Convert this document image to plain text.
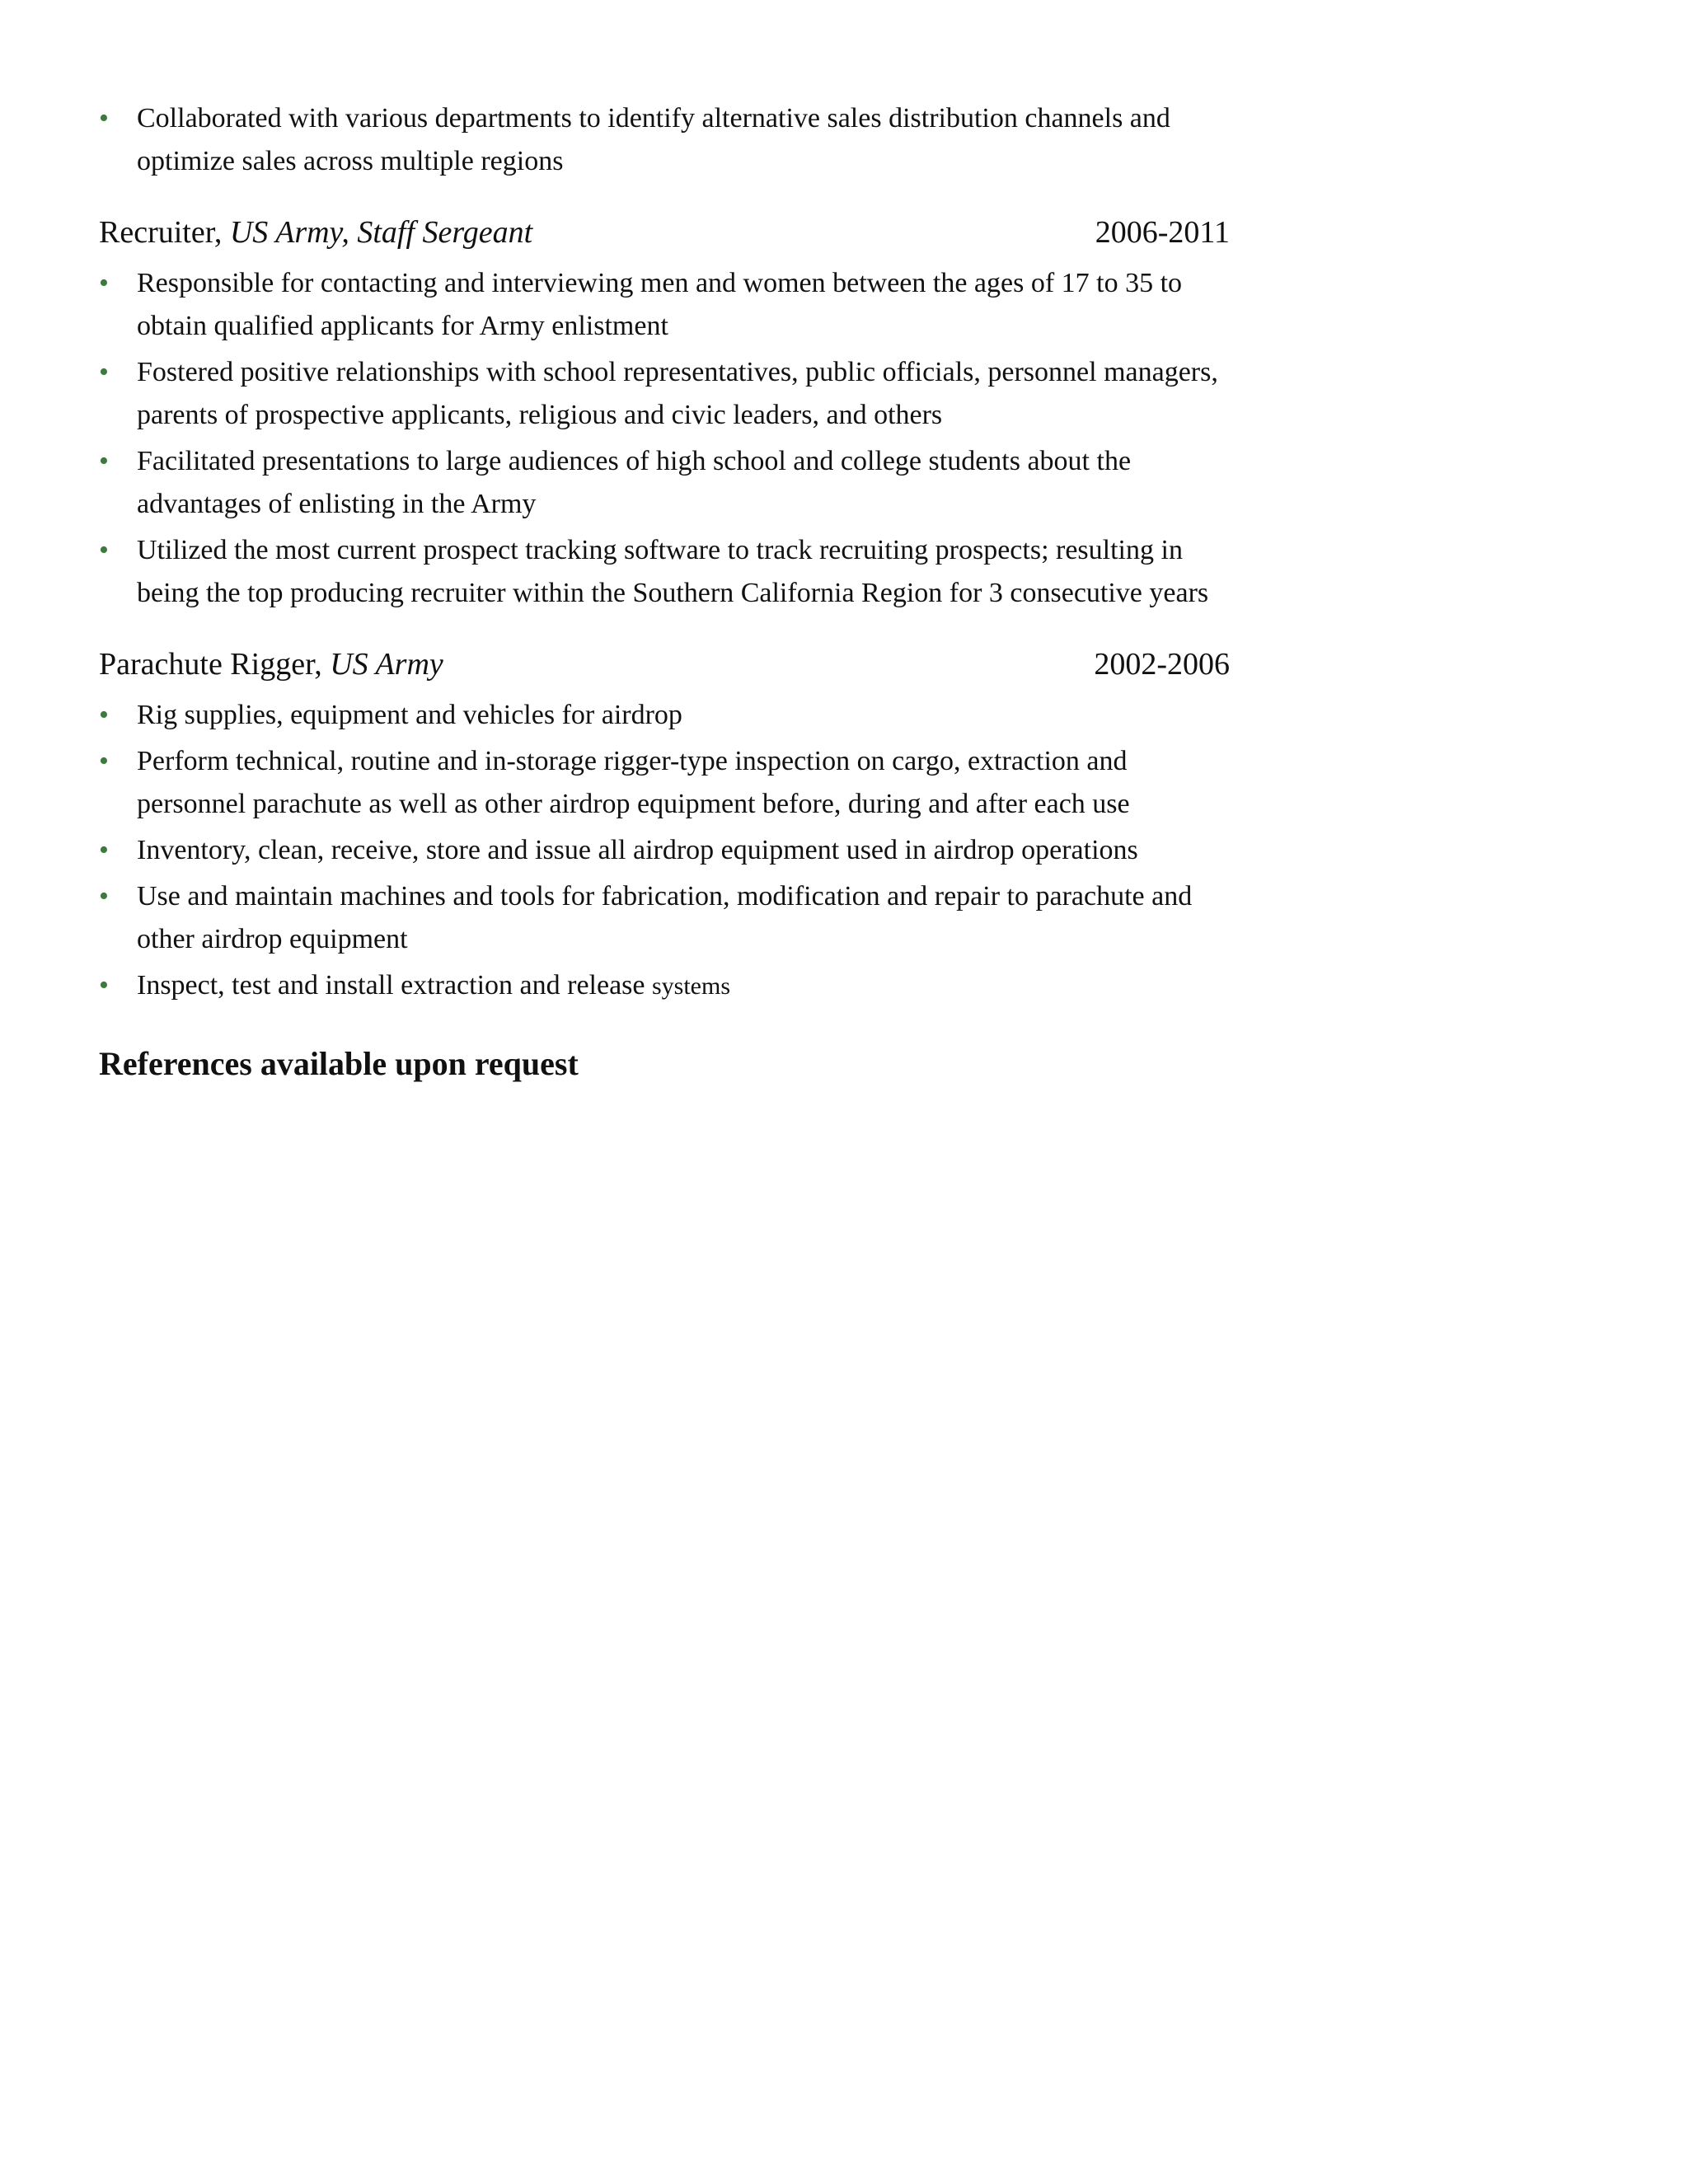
• Collaborated with various departments to identify alternative sales distribution channels and optimize sales across multiple regions
Recruiter, US Army, Staff Sergeant	2006-2011
• Responsible for contacting and interviewing men and women between the ages of 17 to 35 to obtain qualified applicants for Army enlistment
• Fostered positive relationships with school representatives, public officials, personnel managers, parents of prospective applicants, religious and civic leaders, and others
• Facilitated presentations to large audiences of high school and college students about the advantages of enlisting in the Army
• Utilized the most current prospect tracking software to track recruiting prospects; resulting in being the top producing recruiter within the Southern California Region for 3 consecutive years
Parachute Rigger, US Army	2002-2006
• Rig supplies, equipment and vehicles for airdrop
• Perform technical, routine and in-storage rigger-type inspection on cargo, extraction and personnel parachute as well as other airdrop equipment before, during and after each use
• Inventory, clean, receive, store and issue all airdrop equipment used in airdrop operations
• Use and maintain machines and tools for fabrication, modification and repair to parachute and other airdrop equipment
• Inspect, test and install extraction and release systems
References available upon request
